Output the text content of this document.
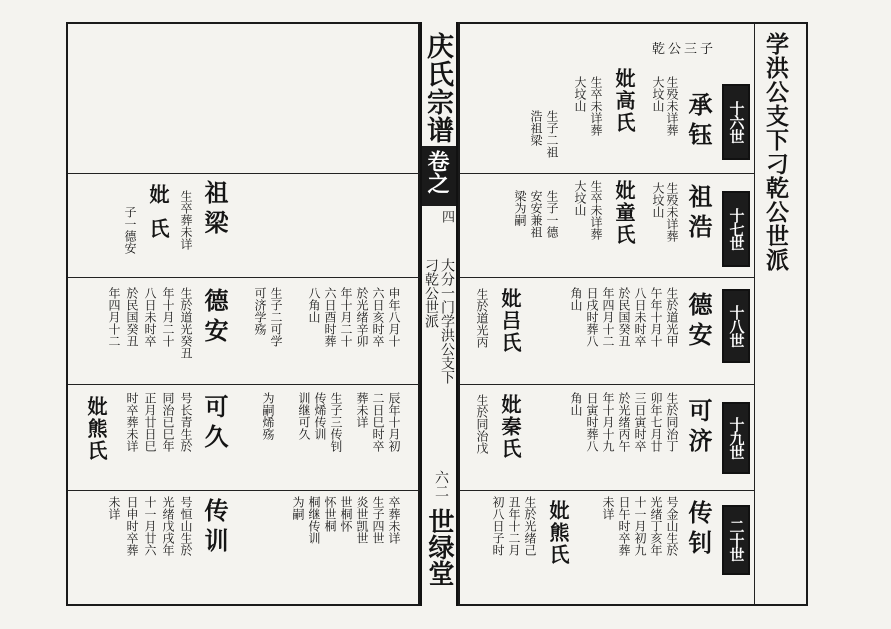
学洪公支下刁乾公世派
乾公三子
十六世
十七世
十八世
十九世
二十世
承钰
生殁未详葬
大坟山
妣高氏
生卒未详葬
大坟山
生子二祖
浩祖梁
祖浩
生殁未详葬
大坟山
妣童氏
生卒未详葬
大坟山
生子一德
安安兼祖
梁为嗣
德安
生於道光甲
午年十月十
八日未时卒
於民国癸丑
年四月十二
日戌时葬八
角山
妣吕氏
生於道光丙
可济
生於同治丁
卯年七月廿
三日寅时卒
於光绪丙午
年十月十九
日寅时葬八
角山
妣秦氏
生於同治戊
传钊
号金山生於
光绪丁亥年
十一月初九
日午时卒葬
未详
妣熊氏
生於光绪己
丑年十二月
初八日子时
庆氏宗谱
卷之
四
大分一门学洪公支下
刁乾公世派
六二
世绿堂
祖梁
生卒葬未详
妣氏
子一德安
申年八月十
六日亥时卒
於光绪辛卯
年十月二十
六日酉时葬
八角山
生子二可学
可济学殇
德安
生於道光癸丑
年十月二十
八日未时卒
於民国癸丑
年四月十二
辰年十月初
二日巳时卒
葬未详
生子三传钊
传烯传训
训继可久
为嗣烯殇
可久
号长青生於
同治已巳年
正月廿日巳
时卒葬未详
妣熊氏
卒葬未详
生子四世
炎世凯世
世桐怀
怀世桐
桐继传训
为嗣
传训
号恒山生於
光绪戊戌年
十一月廿六
日申时卒葬
未详
